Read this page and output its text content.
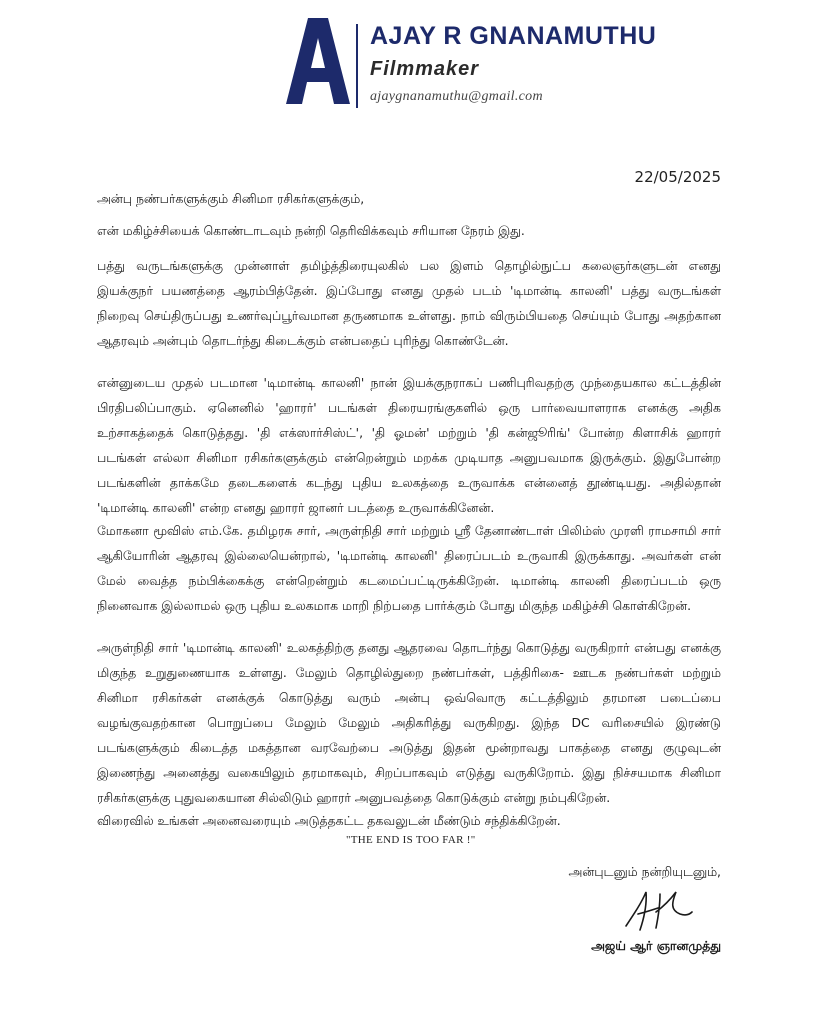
AJAY R GNANAMUTHU
Filmmaker
ajaygnanamuthu@gmail.com
22/05/2025
அன்பு நண்பர்களுக்கும் சினிமா ரசிகர்களுக்கும்,
என் மகிழ்ச்சியைக் கொண்டாடவும் நன்றி தெரிவிக்கவும் சரியான நேரம் இது.
பத்து வருடங்களுக்கு முன்னாள் தமிழ்த்திரையுலகில் பல இளம் தொழில்நுட்ப கலைஞர்களுடன் எனது இயக்குநர் பயணத்தை ஆரம்பித்தேன். இப்போது எனது முதல் படம் 'டிமான்டி காலனி' பத்து வருடங்கள் நிறைவு செய்திருப்பது உணர்வுப்பூர்வமான தருணமாக உள்ளது. நாம் விரும்பியதை செய்யும் போது அதற்கான ஆதரவும் அன்பும் தொடர்ந்து கிடைக்கும் என்பதைப் புரிந்து கொண்டேன்.
என்னுடைய முதல் படமான 'டிமான்டி காலனி' நான் இயக்குநராகப் பணிபுரிவதற்கு முந்தையகால கட்டத்தின் பிரதிபலிப்பாகும். ஏனெனில் 'ஹாரர்' படங்கள் திரையரங்குகளில் ஒரு பார்வையாளராக எனக்கு அதிக உற்சாகத்தைக் கொடுத்தது. 'தி எக்ஸார்சிஸ்ட்', 'தி ஓமன்' மற்றும் 'தி கன்ஜூரிங்' போன்ற கிளாசிக் ஹாரர் படங்கள் எல்லா சினிமா ரசிகர்களுக்கும் என்றென்றும் மறக்க முடியாத அனுபவமாக இருக்கும். இதுபோன்ற படங்களின் தாக்கமே தடைகளைக் கடந்து புதிய உலகத்தை உருவாக்க என்னைத் தூண்டியது. அதில்தான் 'டிமான்டி காலனி' என்ற எனது ஹாரர் ஜானர் படத்தை உருவாக்கினேன்.
மோகனா மூவிஸ் எம்.கே. தமிழரசு சார், அருள்நிதி சார் மற்றும் ஸ்ரீ தேனாண்டாள் பிலிம்ஸ் முரளி ராமசாமி சார் ஆகியோரின் ஆதரவு இல்லையென்றால், 'டிமான்டி காலனி' திரைப்படம் உருவாகி இருக்காது. அவர்கள் என் மேல் வைத்த நம்பிக்கைக்கு என்றென்றும் கடமைப்பட்டிருக்கிறேன். டிமான்டி காலனி திரைப்படம் ஒரு நினைவாக இல்லாமல் ஒரு புதிய உலகமாக மாறி நிற்பதை பார்க்கும் போது மிகுந்த மகிழ்ச்சி கொள்கிறேன்.
அருள்நிதி சார் 'டிமான்டி காலனி' உலகத்திற்கு தனது ஆதரவை தொடர்ந்து கொடுத்து வருகிறார் என்பது எனக்கு மிகுந்த உறுதுணையாக உள்ளது. மேலும் தொழில்துறை நண்பர்கள், பத்திரிகை- ஊடக நண்பர்கள் மற்றும் சினிமா ரசிகர்கள் எனக்குக் கொடுத்து வரும் அன்பு ஒவ்வொரு கட்டத்திலும் தரமான படைப்பை வழங்குவதற்கான பொறுப்பை மேலும் மேலும் அதிகரித்து வருகிறது. இந்த DC வரிசையில் இரண்டு படங்களுக்கும் கிடைத்த மகத்தான வரவேற்பை அடுத்து இதன் மூன்றாவது பாகத்தை எனது குழுவுடன் இணைந்து அனைத்து வகையிலும் தரமாகவும், சிறப்பாகவும் எடுத்து வருகிறோம். இது நிச்சயமாக சினிமா ரசிகர்களுக்கு புதுவகையான சில்லிடும் ஹாரர் அனுபவத்தை கொடுக்கும் என்று நம்புகிறேன்.
விரைவில் உங்கள் அனைவரையும் அடுத்தகட்ட தகவலுடன் மீண்டும் சந்திக்கிறேன்.
"THE END IS TOO FAR !"
அன்புடனும் நன்றியுடனும்,
அஜய் ஆர் ஞானமுத்து
